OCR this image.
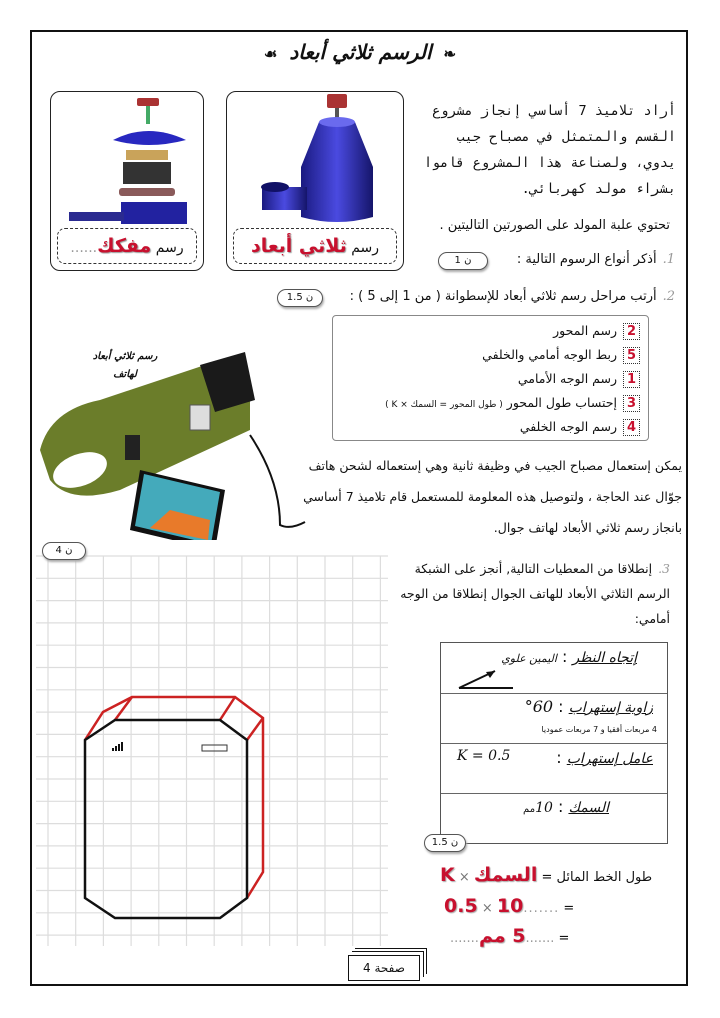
❧الرسم ثلاثي أبعاد☙
رسم ثلاثي أبعاد
رسم مفكك......
أراد تلاميذ 7 أساسي إنجاز مشروع القسم والمتمثل في مصباح جيب يدوي، ولصناعة هذا المشروع قاموا بشراء مولد كهربائي.
تحتوي علبة المولد على الصورتين التاليتين .
1.أذكر أنواع الرسوم التالية :
1 ن
2.أرتب مراحل رسم ثلاثي أبعاد للإسطوانة ( من 1 إلى 5 ) :
1.5 ن
2رسم المحور
5ربط الوجه أمامي والخلفي
1رسم الوجه الأمامي
3إحتساب طول المحور ( طول المحور = السمك × K )
4رسم الوجه الخلفي
رسم ثلاثي أبعاد لهاتف
يمكن إستعمال مصباح الجيب في وظيفة ثانية وهي إستعماله لشحن هاتف جوّال عند الحاجة ، ولتوصيل هذه المعلومة للمستعمل قام تلاميذ 7 أساسي بانجاز رسم ثلاثي الأبعاد لهاتف جوال.
4 ن
3.إنطلاقا من المعطيات التالية, أنجز على الشبكة الرسم الثلاثي الأبعاد للهاتف الجوال إنطلاقا من الوجه أمامي:
إتجاه النظر : اليمين علوي
زاوية إستهراب : 60°
4 مربعات أفقيا و 7 مربعات عموديا
عامل إستهراب :
K = 0.5
السمك : 10مم
1.5 ن
طول الخط المائل = السمك × K
= .......10 × 0.5
= .......5 مم.......
صفحة 4
